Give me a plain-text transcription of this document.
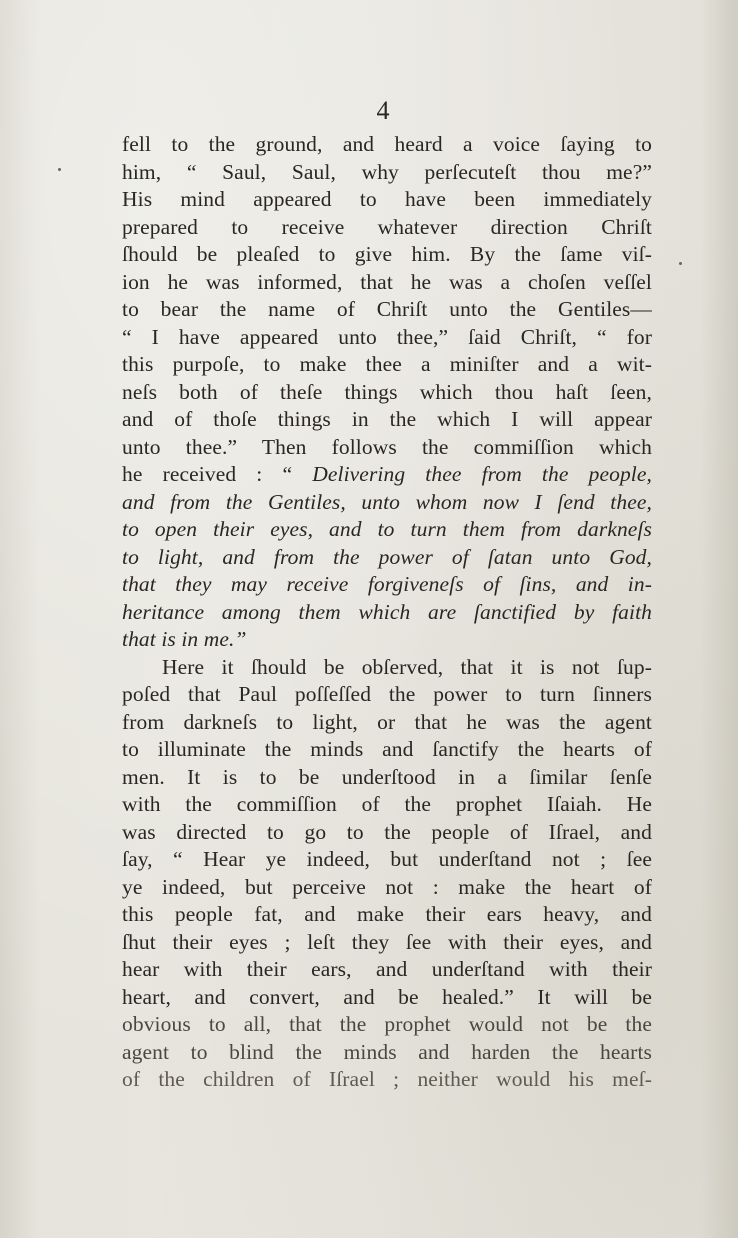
4
fell to the ground, and heard a voice ſaying to
him, “ Saul, Saul, why perſecuteſt thou me?”
His mind appeared to have been immediately
prepared to receive whatever direction Chriſt
ſhould be pleaſed to give him. By the ſame viſ-
ion he was informed, that he was a choſen veſſel
to bear the name of Chriſt unto the Gentiles—
“ I have appeared unto thee,” ſaid Chriſt, “ for
this purpoſe, to make thee a miniſter and a wit-
neſs both of theſe things which thou haſt ſeen,
and of thoſe things in the which I will appear
unto thee.” Then follows the commiſſion which
he received : “ Delivering thee from the people,
and from the Gentiles, unto whom now I ſend thee,
to open their eyes, and to turn them from darkneſs
to light, and from the power of ſatan unto God,
that they may receive forgiveneſs of ſins, and in-
heritance among them which are ſanctified by faith
that is in me.”
Here it ſhould be obſerved, that it is not ſup-
poſed that Paul poſſeſſed the power to turn ſinners
from darkneſs to light, or that he was the agent
to illuminate the minds and ſanctify the hearts of
men. It is to be underſtood in a ſimilar ſenſe
with the commiſſion of the prophet Iſaiah. He
was directed to go to the people of Iſrael, and
ſay, “ Hear ye indeed, but underſtand not ; ſee
ye indeed, but perceive not : make the heart of
this people fat, and make their ears heavy, and
ſhut their eyes ; leſt they ſee with their eyes, and
hear with their ears, and underſtand with their
heart, and convert, and be healed.” It will be
obvious to all, that the prophet would not be the
agent to blind the minds and harden the hearts
of the children of Iſrael ; neither would his meſ-
